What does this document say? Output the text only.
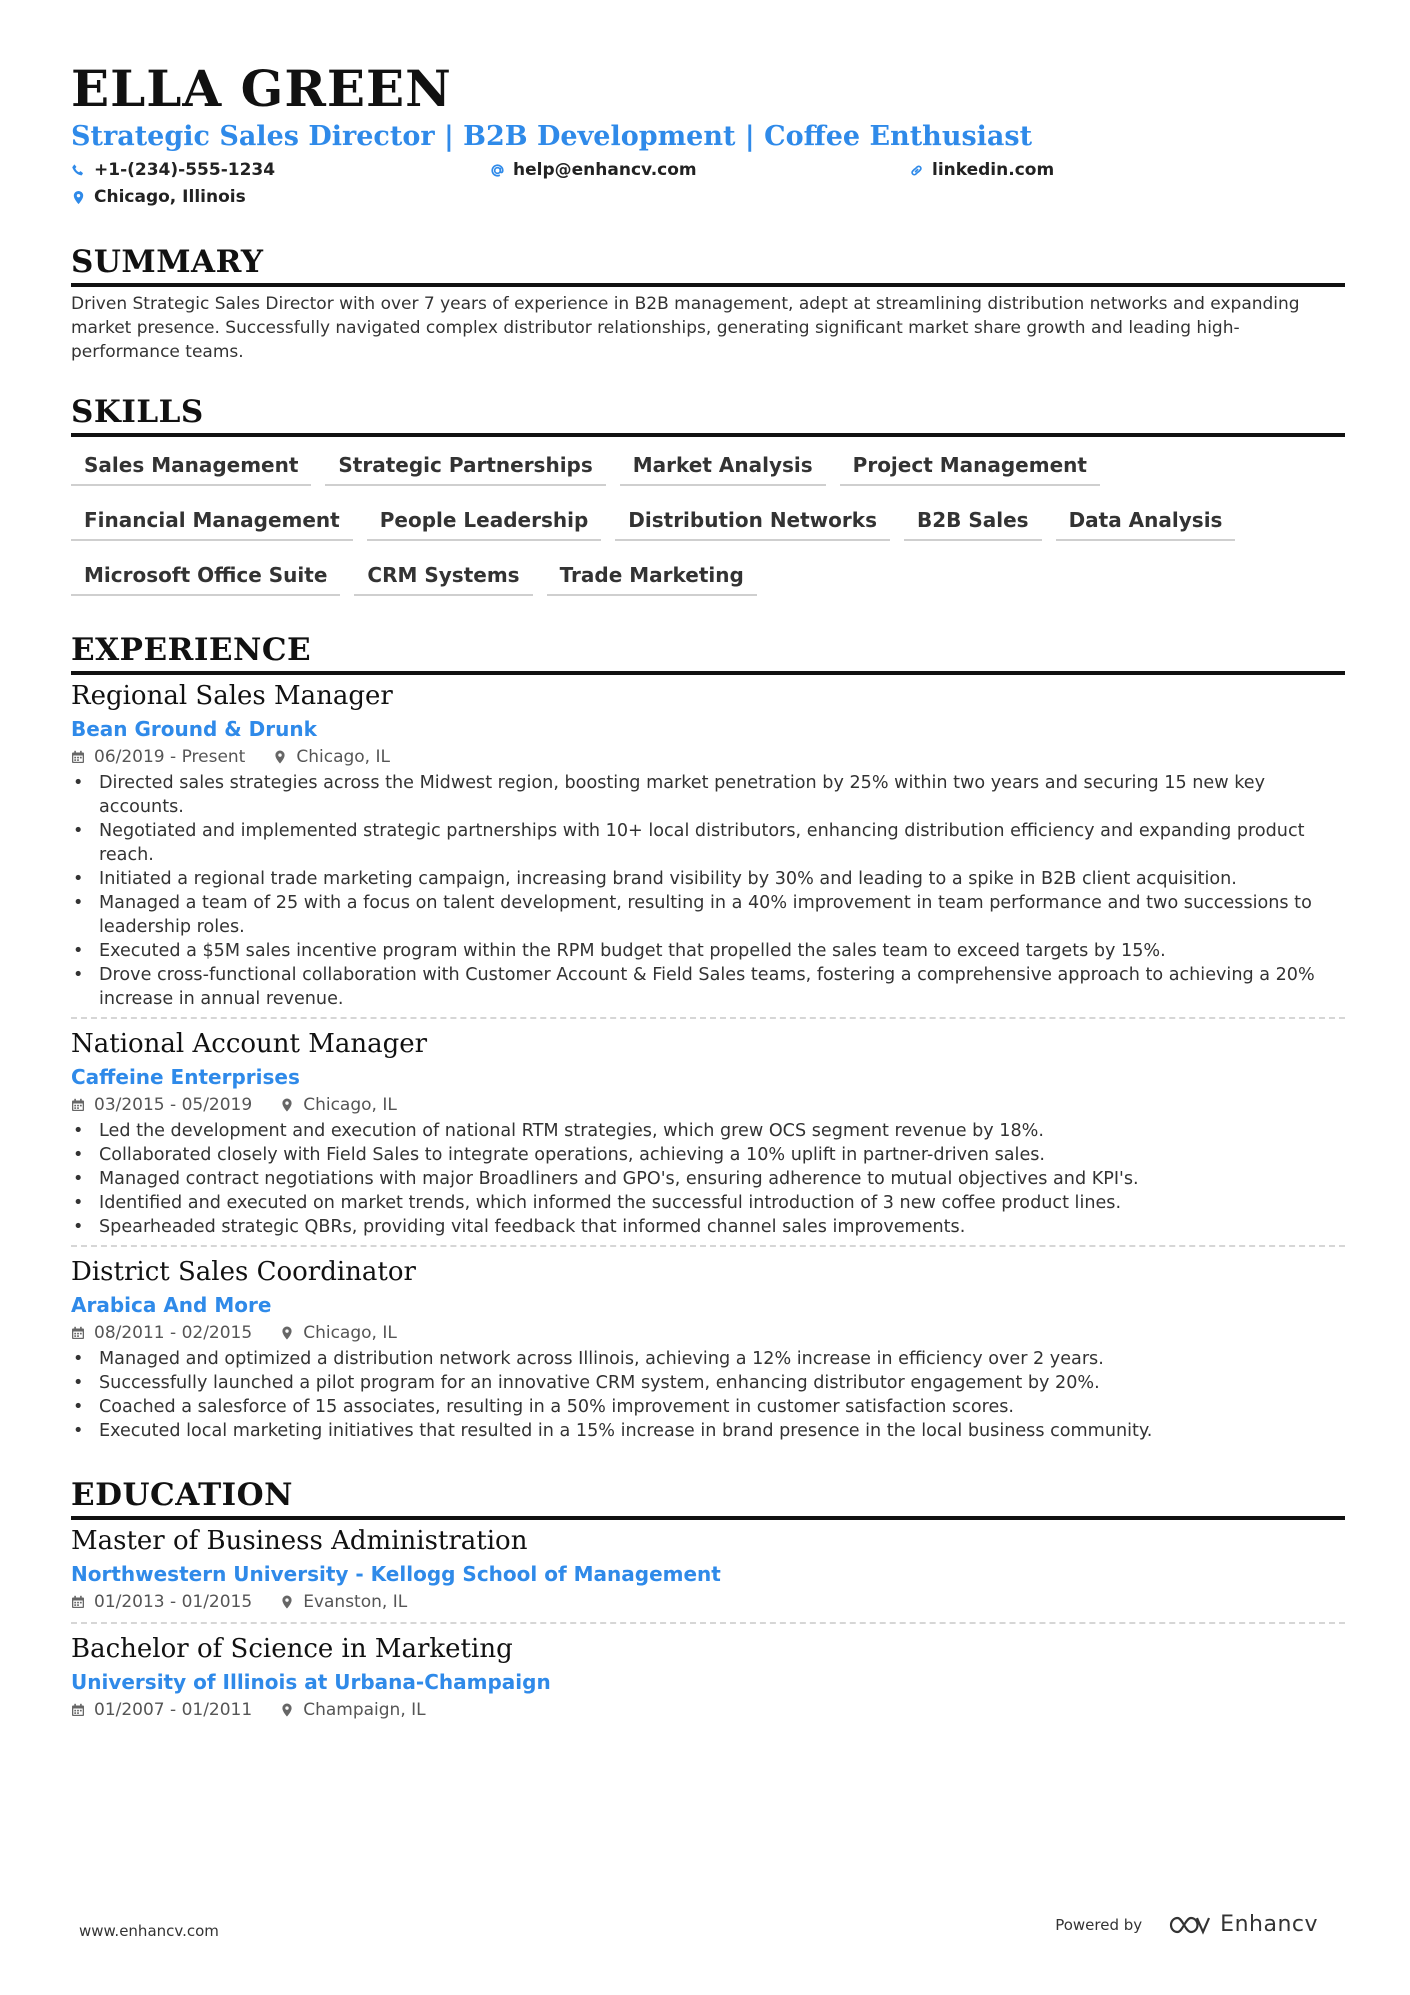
ELLA GREEN
Strategic Sales Director | B2B Development | Coffee Enthusiast
+1-(234)-555-1234	help@enhancv.com	linkedin.com
Chicago, Illinois
SUMMARY

Driven Strategic Sales Director with over 7 years of experience in B2B management, adept at streamlining distribution networks and expanding market presence. Successfully navigated complex distributor relationships, generating significant market share growth and leading high-performance teams.

SKILLS
Sales Management	Strategic Partnerships	Market Analysis	Project Management
Financial Management	People Leadership	Distribution Networks	B2B Sales	Data Analysis
Microsoft Office Suite	CRM Systems	Trade Marketing
EXPERIENCE
Regional Sales Manager
Bean Ground & Drunk
06/2019 - Present	Chicago, IL
• Directed sales strategies across the Midwest region, boosting market penetration by 25% within two years and securing 15 new key accounts.
• Negotiated and implemented strategic partnerships with 10+ local distributors, enhancing distribution efficiency and expanding product reach.
• Initiated a regional trade marketing campaign, increasing brand visibility by 30% and leading to a spike in B2B client acquisition.
• Managed a team of 25 with a focus on talent development, resulting in a 40% improvement in team performance and two successions to leadership roles.
• Executed a $5M sales incentive program within the RPM budget that propelled the sales team to exceed targets by 15%.
• Drove cross-functional collaboration with Customer Account & Field Sales teams, fostering a comprehensive approach to achieving a 20% increase in annual revenue.
National Account Manager
Caffeine Enterprises
03/2015 - 05/2019	Chicago, IL
• Led the development and execution of national RTM strategies, which grew OCS segment revenue by 18%.
• Collaborated closely with Field Sales to integrate operations, achieving a 10% uplift in partner-driven sales.
• Managed contract negotiations with major Broadliners and GPO's, ensuring adherence to mutual objectives and KPI's.
• Identified and executed on market trends, which informed the successful introduction of 3 new coffee product lines.
• Spearheaded strategic QBRs, providing vital feedback that informed channel sales improvements.
District Sales Coordinator
Arabica And More
08/2011 - 02/2015	Chicago, IL
• Managed and optimized a distribution network across Illinois, achieving a 12% increase in efficiency over 2 years.
• Successfully launched a pilot program for an innovative CRM system, enhancing distributor engagement by 20%.
• Coached a salesforce of 15 associates, resulting in a 50% improvement in customer satisfaction scores.
• Executed local marketing initiatives that resulted in a 15% increase in brand presence in the local business community.
EDUCATION
Master of Business Administration
Northwestern University - Kellogg School of Management
01/2013 - 01/2015	Evanston, IL
Bachelor of Science in Marketing
University of Illinois at Urbana-Champaign
01/2007 - 01/2011	Champaign, IL
www.enhancv.com	Powered by	Enhancv
